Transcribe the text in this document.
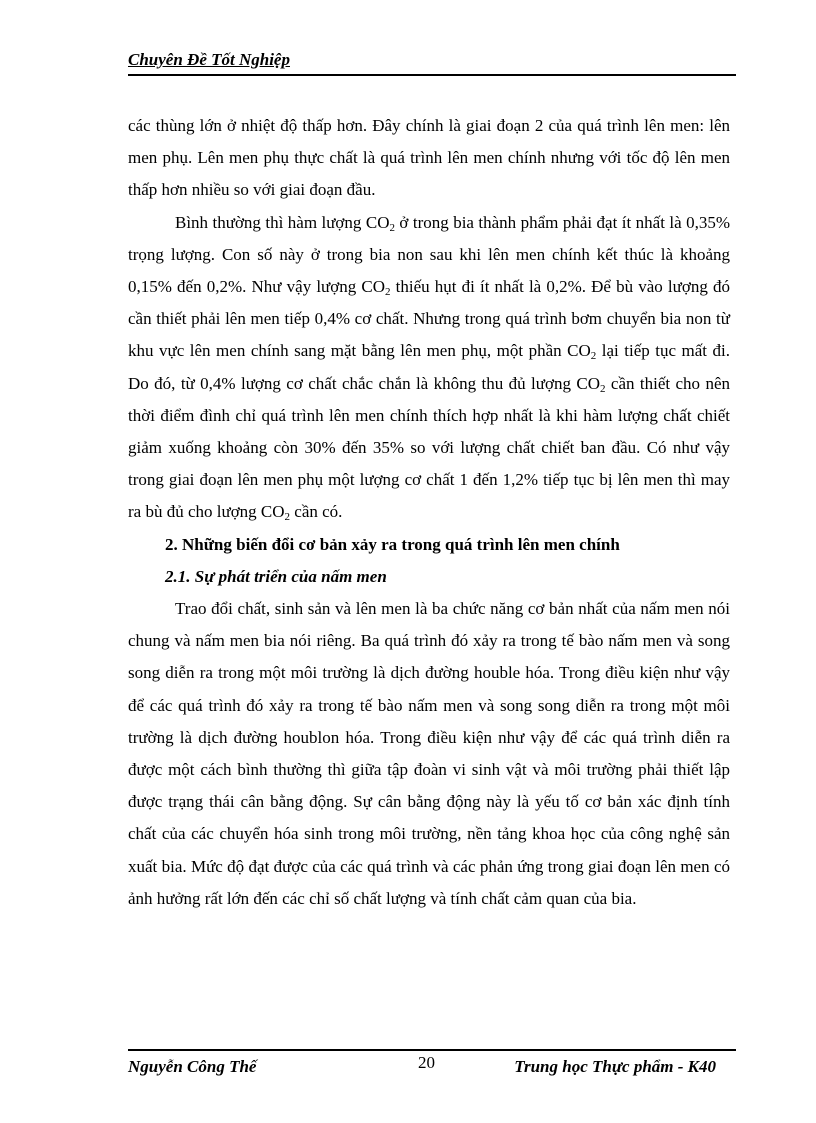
Chuyên Đề Tốt Nghiệp

các thùng lớn ở nhiệt độ thấp hơn. Đây chính là giai đoạn 2 của quá trình lên men: lên men phụ. Lên men phụ thực chất là quá trình lên men chính nhưng với tốc độ lên men thấp hơn nhiều so với giai đoạn đầu.

Bình thường thì hàm lượng $CO_2$ ở trong bia thành phẩm phải đạt ít nhất là 0,35% trọng lượng. Con số này ở trong bia non sau khi lên men chính kết thúc là khoảng 0,15% đến 0,2%. Như vậy lượng $CO_2$ thiếu hụt đi ít nhất là 0,2%. Để bù vào lượng đó cần thiết phải lên men tiếp 0,4% cơ chất. Nhưng trong quá trình bơm chuyển bia non từ khu vực lên men chính sang mặt bằng lên men phụ, một phần $CO_2$ lại tiếp tục mất đi. Do đó, từ 0,4% lượng cơ chất chắc chắn là không thu đủ lượng $CO_2$ cần thiết cho nên thời điểm đình chỉ quá trình lên men chính thích hợp nhất là khi hàm lượng chất chiết giảm xuống khoảng còn 30% đến 35% so với lượng chất chiết ban đầu. Có như vậy trong giai đoạn lên men phụ một lượng cơ chất 1 đến 1,2% tiếp tục bị lên men thì may ra bù đủ cho lượng $CO_2$ cần có.

2. Những biến đổi cơ bản xảy ra trong quá trình lên men chính

2.1. Sự phát triển của nấm men

Trao đổi chất, sinh sản và lên men là ba chức năng cơ bản nhất của nấm men nói chung và nấm men bia nói riêng. Ba quá trình đó xảy ra trong tế bào nấm men và song song diễn ra trong một môi trường là dịch đường houble hóa. Trong điều kiện như vậy để các quá trình đó xảy ra trong tế bào nấm men và song song diễn ra trong một môi trường là dịch đường houblon hóa. Trong điều kiện như vậy để các quá trình diễn ra được một cách bình thường thì giữa tập đoàn vi sinh vật và môi trường phải thiết lập được trạng thái cân bằng động. Sự cân bằng động này là yếu tố cơ bản xác định tính chất của các chuyển hóa sinh trong môi trường, nền tảng khoa học của công nghệ sản xuất bia. Mức độ đạt được của các quá trình và các phản ứng trong giai đoạn lên men có ảnh hưởng rất lớn đến các chỉ số chất lượng và tính chất cảm quan của bia.

Nguyễn Công Thế	20	Trung học Thực phẩm - K40
